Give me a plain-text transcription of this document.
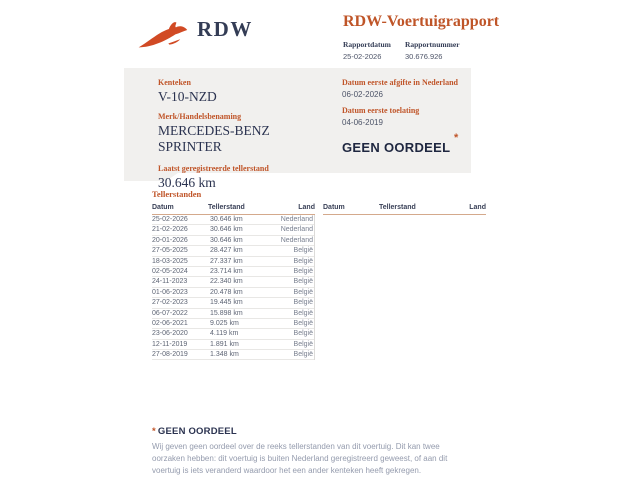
RDW	RDW-Voertuigrapport
Rapportdatum
25-02-2026
Rapportnummer
30.676.926
Kenteken
V-10-NZD
Merk/Handelsbenaming
MERCEDES-BENZ
SPRINTER
Laatst geregistreerde tellerstand
30.646 km
Datum eerste afgifte in Nederland
06-02-2026
Datum eerste toelating
04-06-2019
GEEN OORDEEL
*
Tellerstanden
Datum	Tellerstand	Land
25-02-2026	30.646 km	Nederland
21-02-2026	30.646 km	Nederland
20-01-2026	30.646 km	Nederland
27-05-2025	28.427 km	België
18-03-2025	27.337 km	België
02-05-2024	23.714 km	België
24-11-2023	22.340 km	België
01-06-2023	20.478 km	België
27-02-2023	19.445 km	België
06-07-2022	15.898 km	België
02-06-2021	9.025 km	België
23-06-2020	4.119 km	België
12-11-2019	1.891 km	België
27-08-2019	1.348 km	België
Datum	Tellerstand	Land
* GEEN OORDEEL
Wij geven geen oordeel over de reeks tellerstanden van dit voertuig. Dit kan twee oorzaken hebben: dit voertuig is buiten Nederland geregistreerd geweest, of aan dit voertuig is iets veranderd waardoor het een ander kenteken heeft gekregen.
